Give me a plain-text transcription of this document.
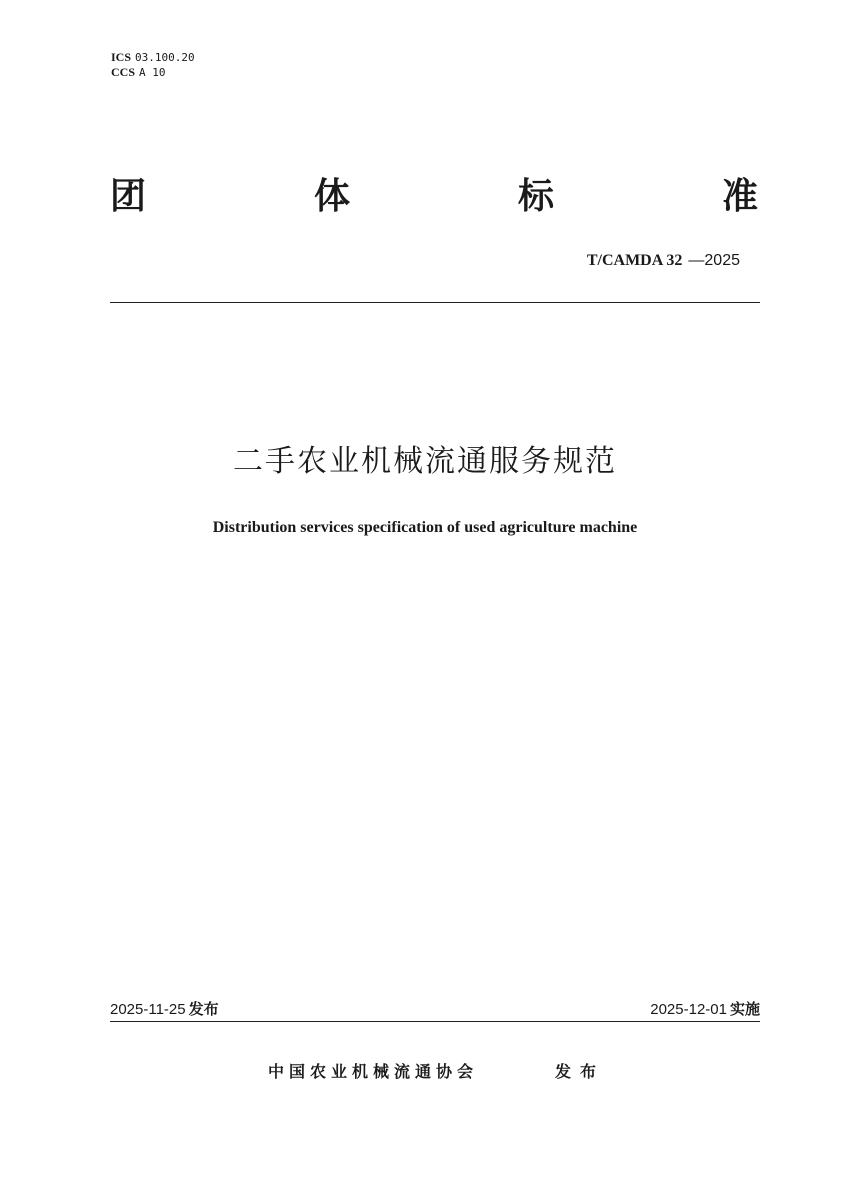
ICS 03.100.20
CCS A 10
团	体	标	准
T/CAMDA 32 —2025
二手农业机械流通服务规范
Distribution services specification of used agriculture machine
2025-11-25 发布	2025-12-01 实施
中国农业机械流通协会	发布
